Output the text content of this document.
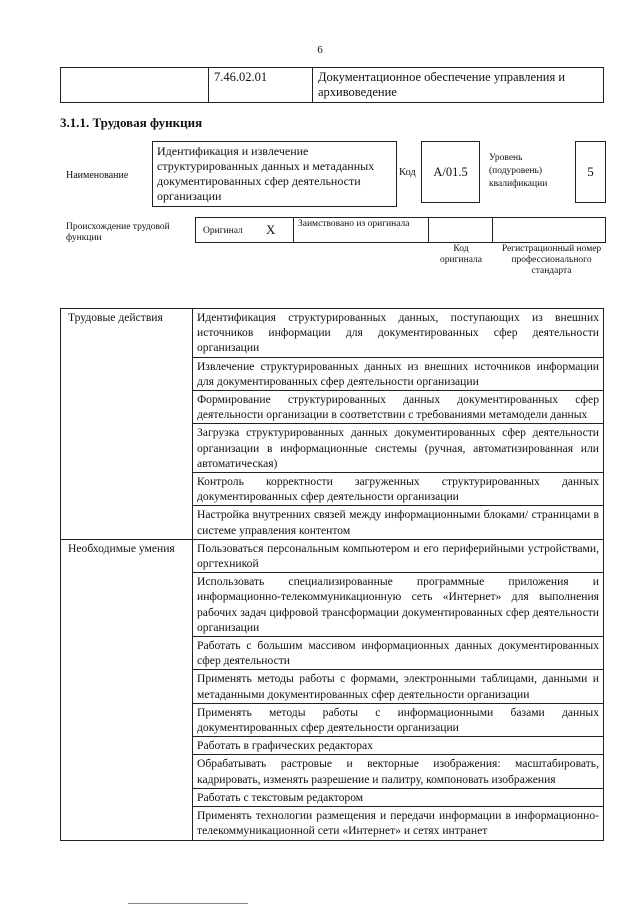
6
	7.46.02.01	Документационное обеспечение управления и архивоведение
3.1.1. Трудовая функция
Наименование
Идентификация и извлечение структурированных данных и метаданных документированных сфер деятельности организации
Код	А/01.5
Уровень (подуровень) квалификации
5
Происхождение трудовой функции
Оригинал X Заимствовано из оригинала
Код оригинала
Регистрационный номер профессионального стандарта
Трудовые действия	Идентификация структурированных данных, поступающих из внешних источников информации для документированных сфер деятельности организации
	Извлечение структурированных данных из внешних источников информации для документированных сфер деятельности организации
	Формирование структурированных данных документированных сфер деятельности организации в соответствии с требованиями метамодели данных
	Загрузка структурированных данных документированных сфер деятельности организации в информационные системы (ручная, автоматизированная или автоматическая)
	Контроль корректности загруженных структурированных данных документированных сфер деятельности организации
	Настройка внутренних связей между информационными блоками/ страницами в системе управления контентом
Необходимые умения	Пользоваться персональным компьютером и его периферийными устройствами, оргтехникой
	Использовать специализированные программные приложения и информационно-телекоммуникационную сеть «Интернет» для выполнения рабочих задач цифровой трансформации документированных сфер деятельности организации
	Работать с большим массивом информационных данных документированных сфер деятельности
	Применять методы работы с формами, электронными таблицами, данными и метаданными документированных сфер деятельности организации
	Применять методы работы с информационными базами данных документированных сфер деятельности организации
	Работать в графических редакторах
	Обрабатывать растровые и векторные изображения: масштабировать, кадрировать, изменять разрешение и палитру, компоновать изображения
	Работать с текстовым редактором
	Применять технологии размещения и передачи информации в информационно-телекоммуникационной сети «Интернет» и сетях интранет
